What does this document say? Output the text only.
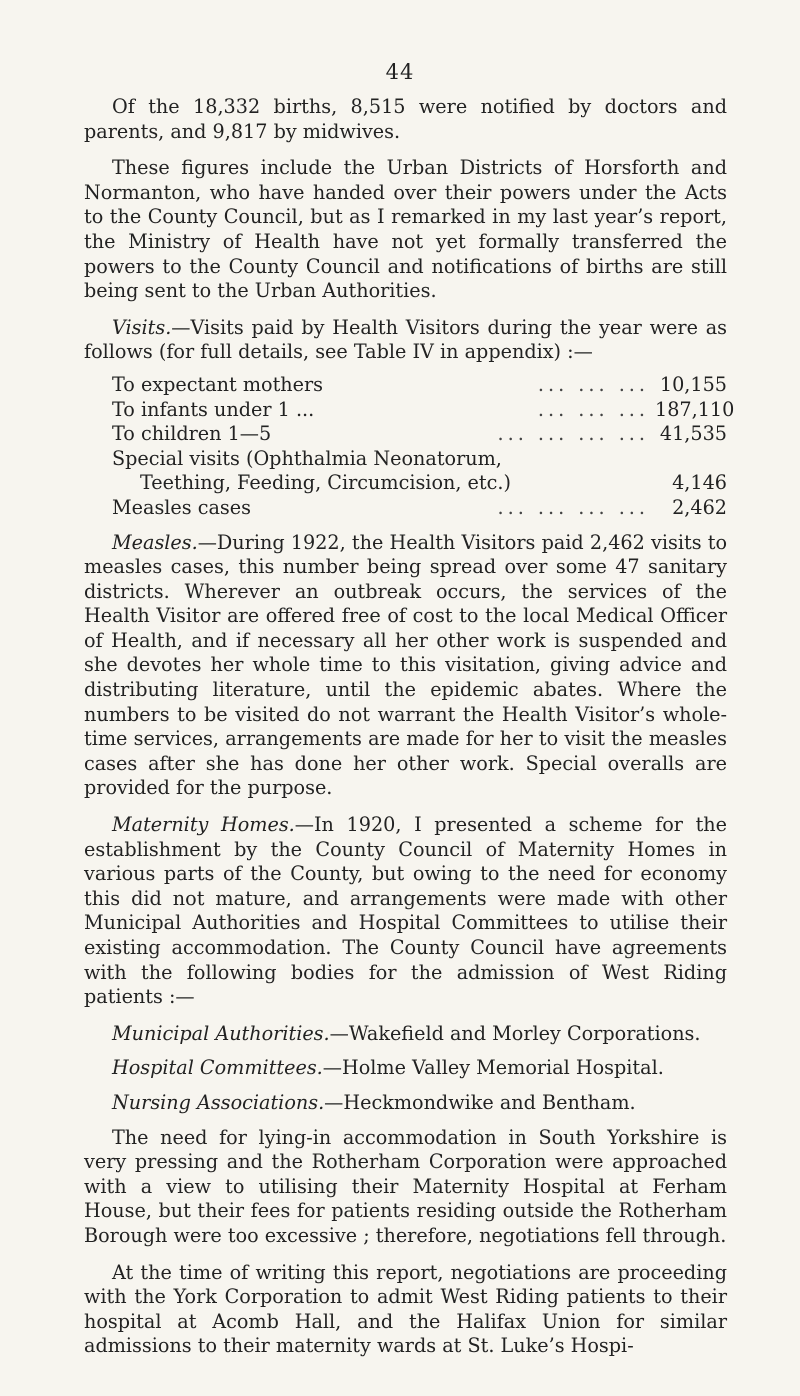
44

Of the 18,332 births, 8,515 were notified by doctors and parents, and 9,817 by midwives.

These figures include the Urban Districts of Horsforth and Normanton, who have handed over their powers under the Acts to the County Council, but as I remarked in my last year’s report, the Ministry of Health have not yet formally transferred the powers to the County Council and notifications of births are still being sent to the Urban Authorities.

Visits.—Visits paid by Health Visitors during the year were as follows (for full details, see Table IV in appendix) :—

To expectant mothers	... ... ... 10,155
To infants under 1 ...	... ... ... 187,110
To children 1—5	... ... ... ... 41,535
Special visits (Ophthalmia Neonatorum,
Teething, Feeding, Circumcision, etc.)	4,146
Measles cases	... ... ... ...	2,462

Measles.—During 1922, the Health Visitors paid 2,462 visits to measles cases, this number being spread over some 47 sanitary districts. Wherever an outbreak occurs, the services of the Health Visitor are offered free of cost to the local Medical Officer of Health, and if necessary all her other work is suspended and she devotes her whole time to this visitation, giving advice and distributing literature, until the epidemic abates. Where the numbers to be visited do not warrant the Health Visitor’s whole-time services, arrangements are made for her to visit the measles cases after she has done her other work. Special overalls are provided for the purpose.

Maternity Homes.—In 1920, I presented a scheme for the establishment by the County Council of Maternity Homes in various parts of the County, but owing to the need for economy this did not mature, and arrangements were made with other Municipal Authorities and Hospital Committees to utilise their existing accommodation. The County Council have agreements with the following bodies for the admission of West Riding patients :—

Municipal Authorities.—Wakefield and Morley Corporations.

Hospital Committees.—Holme Valley Memorial Hospital.

Nursing Associations.—Heckmondwike and Bentham.

The need for lying-in accommodation in South Yorkshire is very pressing and the Rotherham Corporation were approached with a view to utilising their Maternity Hospital at Ferham House, but their fees for patients residing outside the Rotherham Borough were too excessive ; therefore, negotiations fell through.

At the time of writing this report, negotiations are proceeding with the York Corporation to admit West Riding patients to their hospital at Acomb Hall, and the Halifax Union for similar admissions to their maternity wards at St. Luke’s Hospi-
